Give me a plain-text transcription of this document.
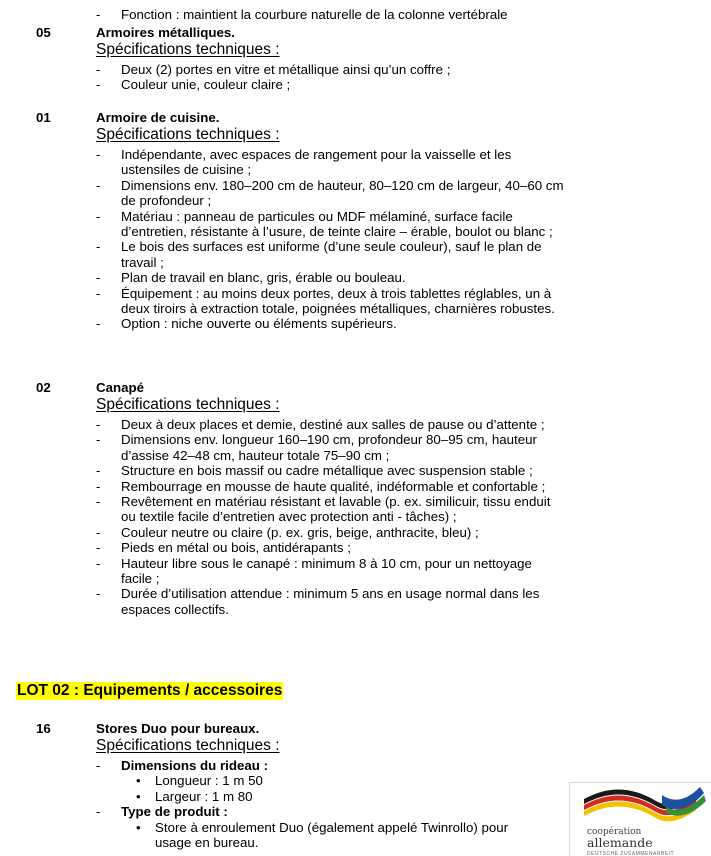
- Fonction : maintient la courbure naturelle de la colonne vertébrale
05	Armoires métalliques.
Spécifications techniques :
- Deux (2) portes en vitre et métallique ainsi qu’un coffre ;
- Couleur unie, couleur claire ;
01	Armoire de cuisine.
Spécifications techniques :
- Indépendante, avec espaces de rangement pour la vaisselle et les ustensiles de cuisine ;
- Dimensions env. 180–200 cm de hauteur, 80–120 cm de largeur, 40–60 cm de profondeur ;
- Matériau : panneau de particules ou MDF mélaminé, surface facile d’entretien, résistante à l’usure, de teinte claire – érable, boulot ou blanc ;
- Le bois des surfaces est uniforme (d’une seule couleur), sauf le plan de travail ;
- Plan de travail en blanc, gris, érable ou bouleau.
- Équipement : au moins deux portes, deux à trois tablettes réglables, un à deux tiroirs à extraction totale, poignées métalliques, charnières robustes.
- Option : niche ouverte ou éléments supérieurs.
02	Canapé
Spécifications techniques :
- Deux à deux places et demie, destiné aux salles de pause ou d’attente ;
- Dimensions env. longueur 160–190 cm, profondeur 80–95 cm, hauteur d’assise 42–48 cm, hauteur totale 75–90 cm ;
- Structure en bois massif ou cadre métallique avec suspension stable ;
- Rembourrage en mousse de haute qualité, indéformable et confortable ;
- Revêtement en matériau résistant et lavable (p. ex. similicuir, tissu enduit ou textile facile d’entretien avec protection anti - tâches) ;
- Couleur neutre ou claire (p. ex. gris, beige, anthracite, bleu) ;
- Pieds en métal ou bois, antidérapants ;
- Hauteur libre sous le canapé : minimum 8 à 10 cm, pour un nettoyage facile ;
- Durée d’utilisation attendue : minimum 5 ans en usage normal dans les espaces collectifs.
LOT 02 : Equipements / accessoires
16	Stores Duo pour bureaux.
Spécifications techniques :
- Dimensions du rideau :
• Longueur : 1 m 50
• Largeur : 1 m 80
- Type de produit :
• Store à enroulement Duo (également appelé Twinrollo) pour usage en bureau.
coopération
allemande
DEUTSCHE ZUSAMMENARBEIT
